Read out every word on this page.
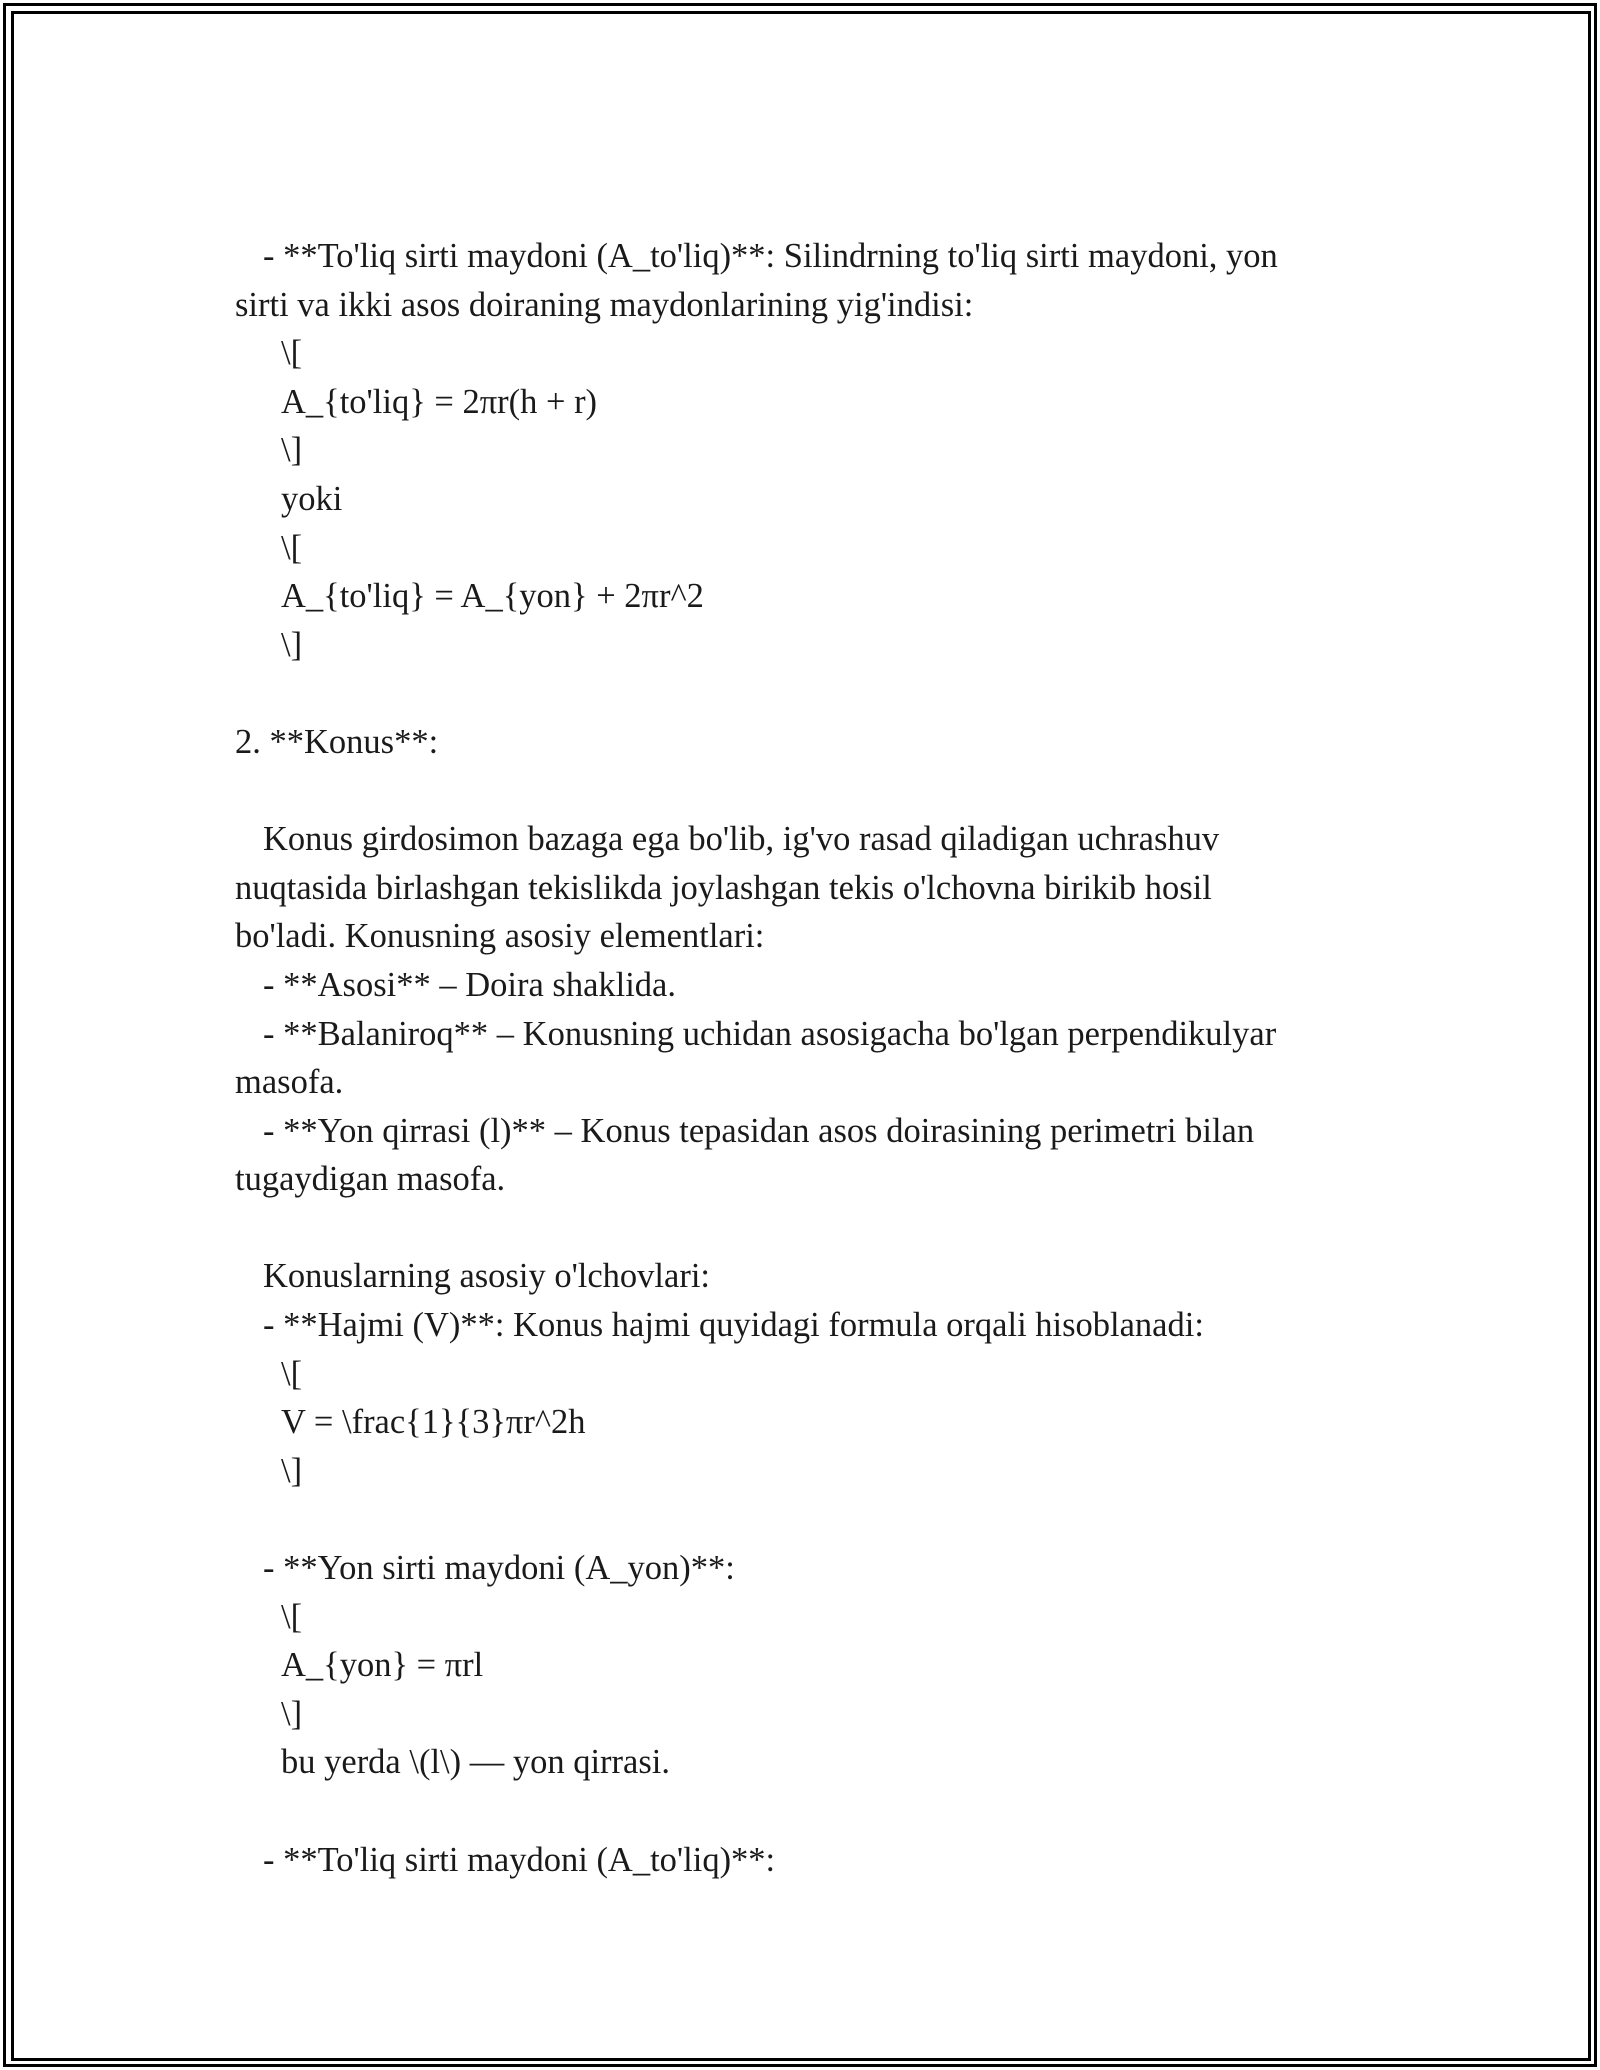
- **To'liq sirti maydoni (A_to'liq)**: Silindrning to'liq sirti maydoni, yon
sirti va ikki asos doiraning maydonlarining yig'indisi:
\[
A_{to'liq} = 2πr(h + r)
\]
yoki
\[
A_{to'liq} = A_{yon} + 2πr^2
\]
2. **Konus**:
Konus girdosimon bazaga ega bo'lib, ig'vo rasad qiladigan uchrashuv
nuqtasida birlashgan tekislikda joylashgan tekis o'lchovna birikib hosil
bo'ladi. Konusning asosiy elementlari:
- **Asosi** – Doira shaklida.
- **Balaniroq** – Konusning uchidan asosigacha bo'lgan perpendikulyar
masofa.
- **Yon qirrasi (l)** – Konus tepasidan asos doirasining perimetri bilan
tugaydigan masofa.
Konuslarning asosiy o'lchovlari:
- **Hajmi (V)**: Konus hajmi quyidagi formula orqali hisoblanadi:
\[
V = \frac{1}{3}πr^2h
\]
- **Yon sirti maydoni (A_yon)**:
\[
A_{yon} = πrl
\]
bu yerda \(l\) — yon qirrasi.
- **To'liq sirti maydoni (A_to'liq)**:
